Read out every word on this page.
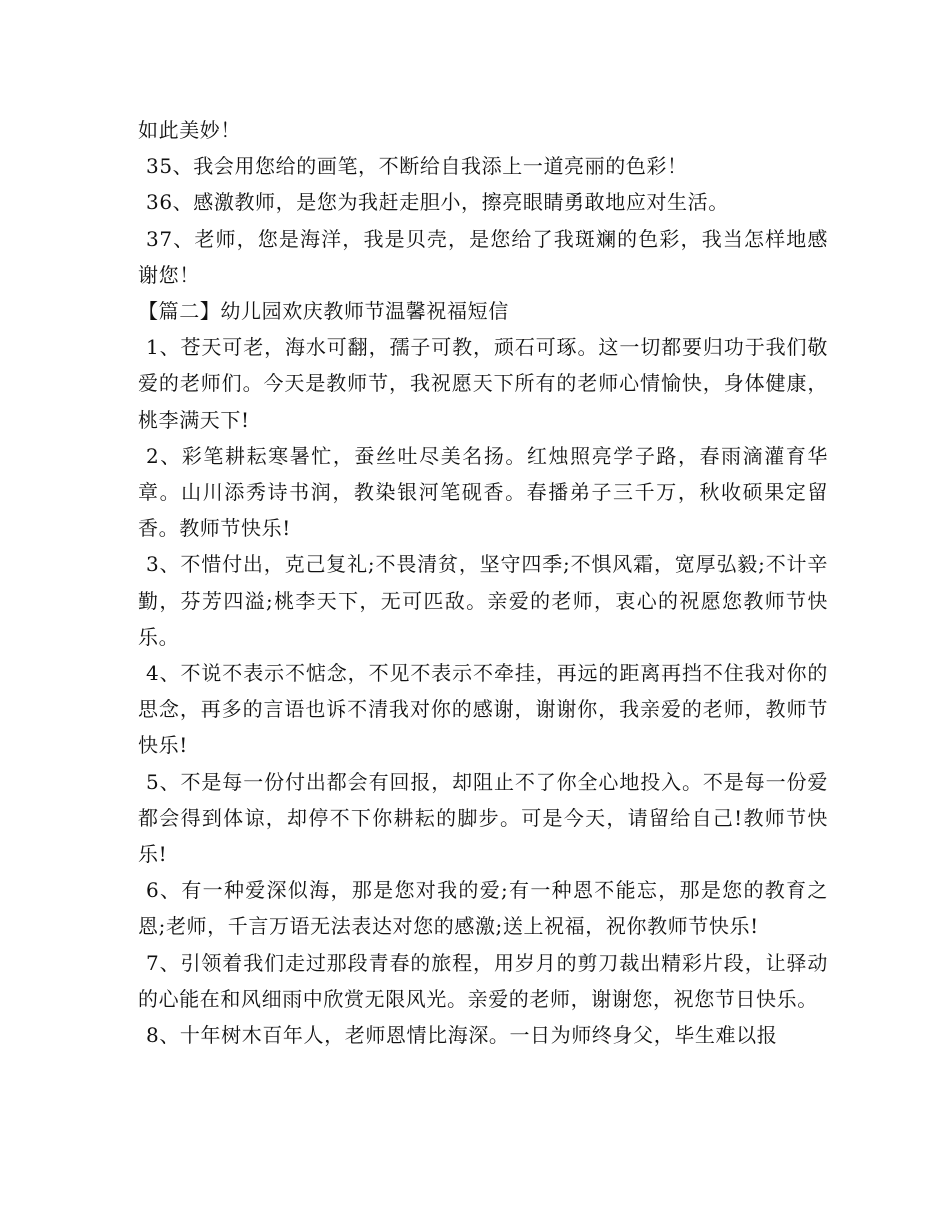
如此美妙！

35、我会用您给的画笔，不断给自我添上一道亮丽的色彩！

36、感激教师，是您为我赶走胆小，擦亮眼睛勇敢地应对生活。

37、老师，您是海洋，我是贝壳，是您给了我斑斓的色彩，我当怎样地感谢您！

【篇二】幼儿园欢庆教师节温馨祝福短信

1、苍天可老，海水可翻，孺子可教，顽石可琢。这一切都要归功于我们敬爱的老师们。今天是教师节，我祝愿天下所有的老师心情愉快，身体健康，桃李满天下!

2、彩笔耕耘寒暑忙，蚕丝吐尽美名扬。红烛照亮学子路，春雨滴灌育华章。山川添秀诗书润，教染银河笔砚香。春播弟子三千万，秋收硕果定留香。教师节快乐!

3、不惜付出，克己复礼;不畏清贫，坚守四季;不惧风霜，宽厚弘毅;不计辛勤，芬芳四溢;桃李天下，无可匹敌。亲爱的老师，衷心的祝愿您教师节快乐。

4、不说不表示不惦念，不见不表示不牵挂，再远的距离再挡不住我对你的思念，再多的言语也诉不清我对你的感谢，谢谢你，我亲爱的老师，教师节快乐!

5、不是每一份付出都会有回报，却阻止不了你全心地投入。不是每一份爱都会得到体谅，却停不下你耕耘的脚步。可是今天，请留给自己!教师节快乐!

6、有一种爱深似海，那是您对我的爱;有一种恩不能忘，那是您的教育之恩;老师，千言万语无法表达对您的感激;送上祝福，祝你教师节快乐!

7、引领着我们走过那段青春的旅程，用岁月的剪刀裁出精彩片段，让驿动的心能在和风细雨中欣赏无限风光。亲爱的老师，谢谢您，祝您节日快乐。

8、十年树木百年人，老师恩情比海深。一日为师终身父，毕生难以报
